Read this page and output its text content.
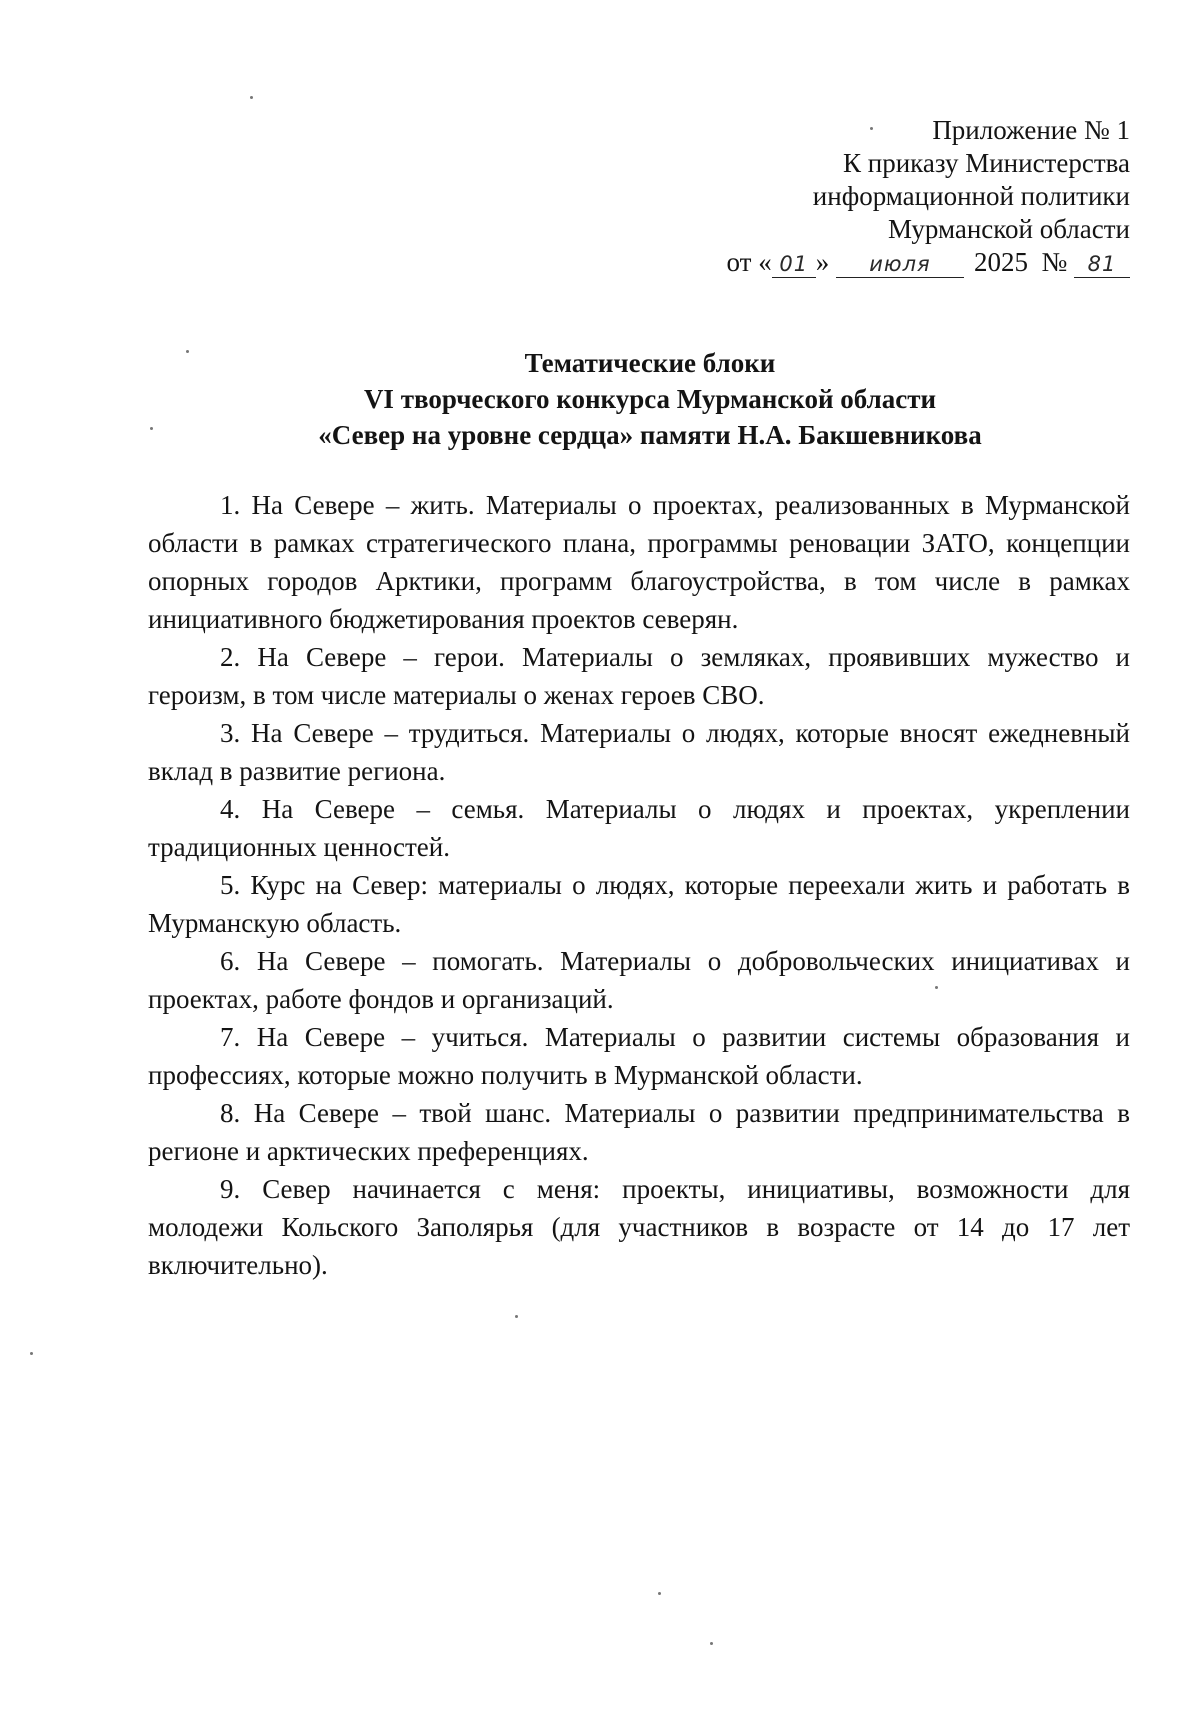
Приложение № 1
К приказу Министерства
информационной политики
Мурманской области
от « 01 » июля 2025 № 81
Тематические блоки
VI творческого конкурса Мурманской области
«Север на уровне сердца» памяти Н.А. Бакшевникова

1. На Севере – жить. Материалы о проектах, реализованных в Мурманской области в рамках стратегического плана, программы реновации ЗАТО, концепции опорных городов Арктики, программ благоустройства, в том числе в рамках инициативного бюджетирования проектов северян.

2. На Севере – герои. Материалы о земляках, проявивших мужество и героизм, в том числе материалы о женах героев СВО.

3. На Севере – трудиться. Материалы о людях, которые вносят ежедневный вклад в развитие региона.

4. На Севере – семья. Материалы о людях и проектах, укреплении традиционных ценностей.

5. Курс на Север: материалы о людях, которые переехали жить и работать в Мурманскую область.

6. На Севере – помогать. Материалы о добровольческих инициативах и проектах, работе фондов и организаций.

7. На Севере – учиться. Материалы о развитии системы образования и профессиях, которые можно получить в Мурманской области.

8. На Севере – твой шанс. Материалы о развитии предпринимательства в регионе и арктических преференциях.

9. Север начинается с меня: проекты, инициативы, возможности для молодежи Кольского Заполярья (для участников в возрасте от 14 до 17 лет включительно).
